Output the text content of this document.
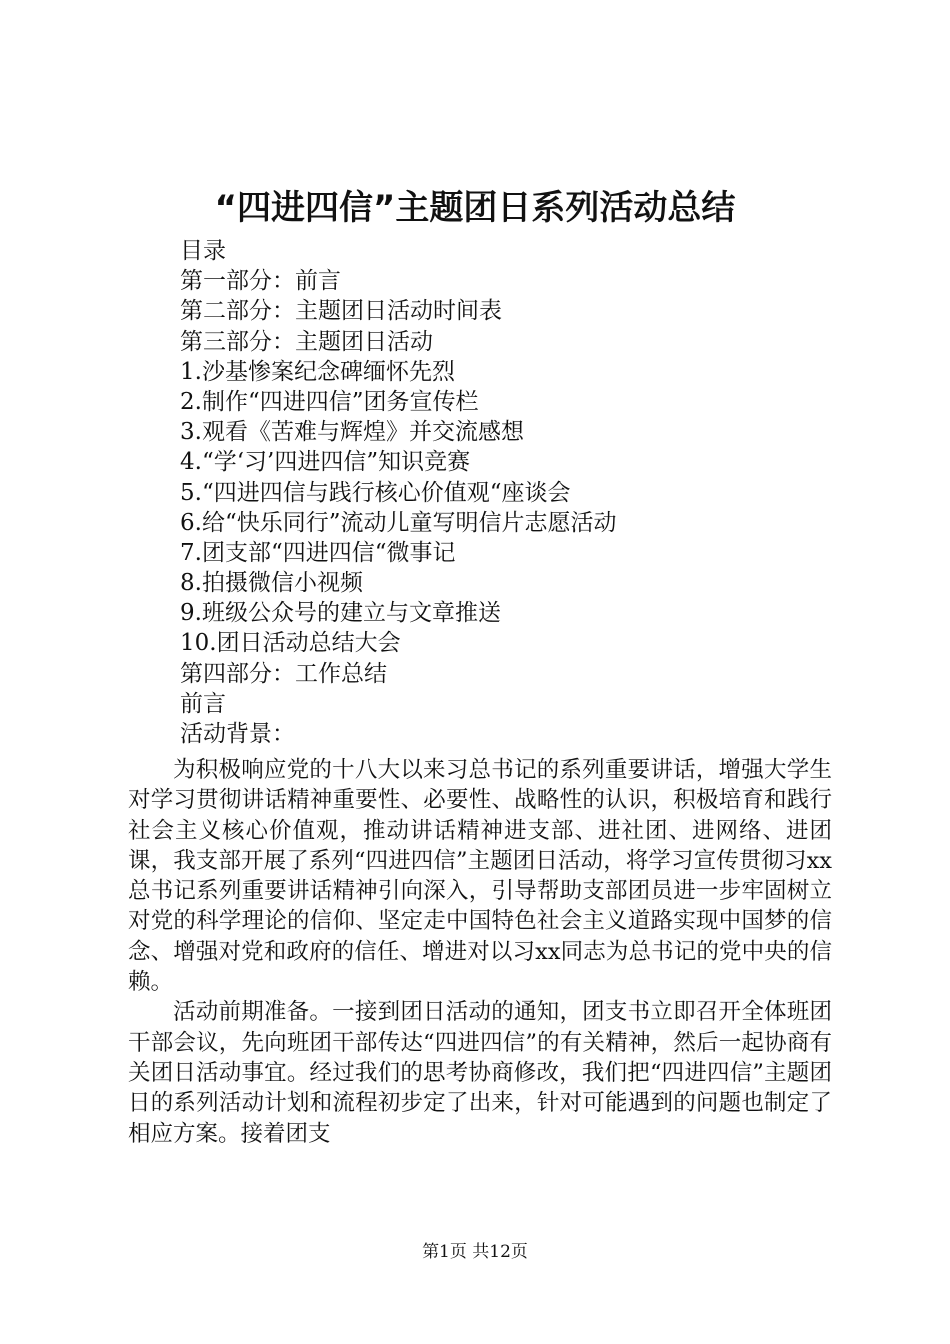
“四进四信”主题团日系列活动总结
目录
第一部分：前言
第二部分：主题团日活动时间表
第三部分：主题团日活动
1.沙基惨案纪念碑缅怀先烈
2.制作“四进四信”团务宣传栏
3.观看《苦难与辉煌》并交流感想
4.“学‘习’四进四信”知识竞赛
5.“四进四信与践行核心价值观“座谈会
6.给“快乐同行”流动儿童写明信片志愿活动
7.团支部“四进四信“微事记
8.拍摄微信小视频
9.班级公众号的建立与文章推送
10.团日活动总结大会
第四部分：工作总结
前言
活动背景：

为积极响应党的十八大以来习总书记的系列重要讲话，增强大学生对学习贯彻讲话精神重要性、必要性、战略性的认识，积极培育和践行社会主义核心价值观，推动讲话精神进支部、进社团、进网络、进团课，我支部开展了系列“四进四信”主题团日活动，将学习宣传贯彻习xx总书记系列重要讲话精神引向深入，引导帮助支部团员进一步牢固树立对党的科学理论的信仰、坚定走中国特色社会主义道路实现中国梦的信念、增强对党和政府的信任、增进对以习xx同志为总书记的党中央的信赖。

活动前期准备。一接到团日活动的通知，团支书立即召开全体班团干部会议，先向班团干部传达“四进四信”的有关精神，然后一起协商有关团日活动事宜。经过我们的思考协商修改，我们把“四进四信”主题团日的系列活动计划和流程初步定了出来，针对可能遇到的问题也制定了相应方案。接着团支

第1页 共12页
